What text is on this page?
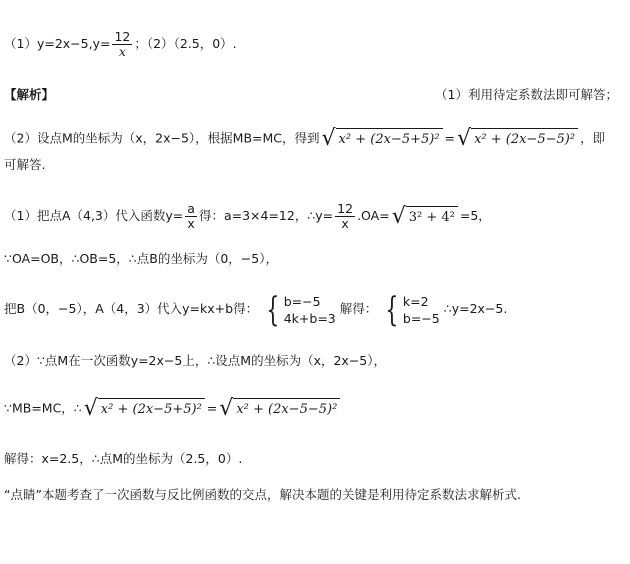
$(1)y=2x-5,y= \frac{12}{x}$ ；（2）（2.5，0）.
【解析】	（1）利用待定系数法即可解答；
（2）设点M的坐标为（x，2x−5），根据MB=MC，得到 √ x² + (2x−5+5)² = √ x² + (2x−5−5)² ，即
可解答.
（1）把点A（4,3）代入函数$y= \frac{a}{x}$ 得：a=3×4=12，∴y= $\frac{12}{x} .OA=$ √ 3² + 4² =5，
∵OA=OB，∴OB=5，∴点B的坐标为（0，−5），
把B（0，−5），A（4，3）代入y=kx+b得： { b=−5
4k+b=3
解得： { k=2
b=−5
∴y=2x−5.
（2）∵点M在一次函数y=2x−5上，∴设点M的坐标为（x，2x−5），
∵MB=MC，∴ √ x² + (2x−5+5)² = √ x² + (2x−5−5)²
解得：x=2.5，∴点M的坐标为（2.5，0）.
“点睛”本题考查了一次函数与反比例函数的交点，解决本题的关键是利用待定系数法求解析式.
